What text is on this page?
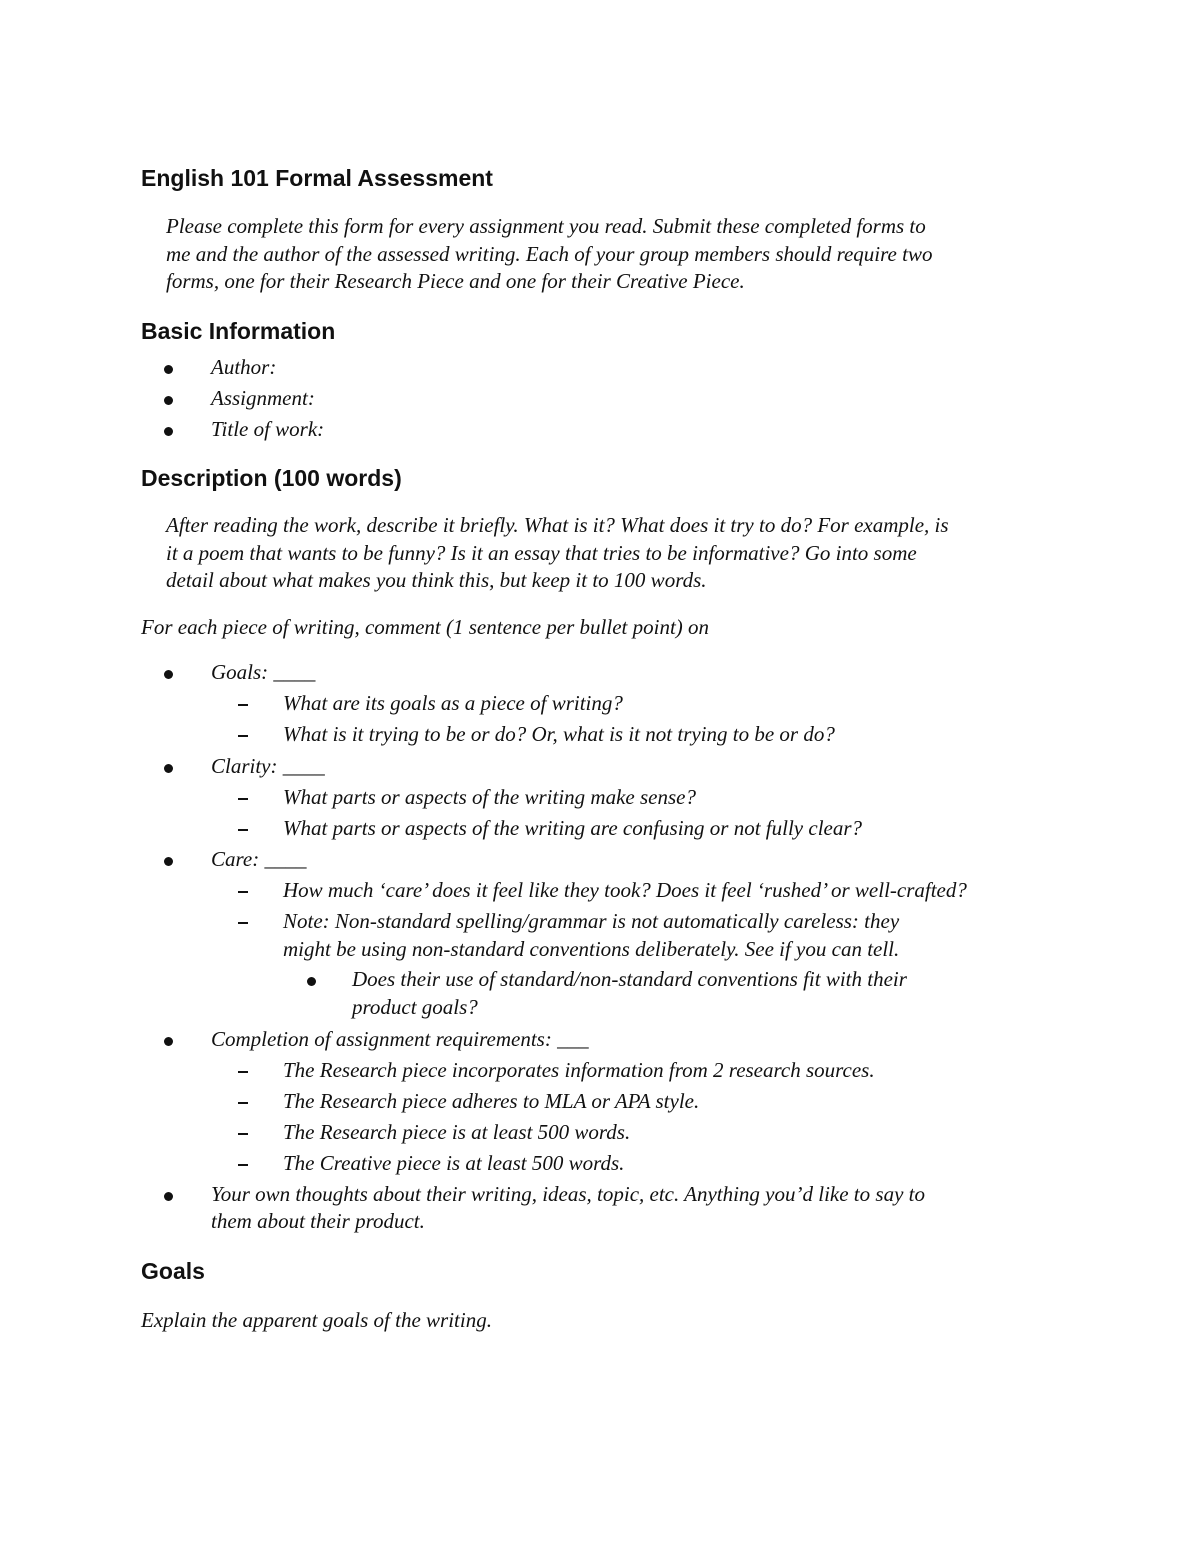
English 101 Formal Assessment

Please complete this form for every assignment you read. Submit these completed forms to

me and the author of the assessed writing. Each of your group members should require two

forms, one for their Research Piece and one for their Creative Piece.

Basic Information

Author:

Assignment:

Title of work:

Description (100 words)

After reading the work, describe it briefly. What is it? What does it try to do? For example, is

it a poem that wants to be funny? Is it an essay that tries to be informative? Go into some

detail about what makes you think this, but keep it to 100 words.

For each piece of writing, comment (1 sentence per bullet point) on

Goals: ____

What are its goals as a piece of writing?

What is it trying to be or do? Or, what is it not trying to be or do?

Clarity: ____

What parts or aspects of the writing make sense?

What parts or aspects of the writing are confusing or not fully clear?

Care: ____

How much ‘care’ does it feel like they took? Does it feel ‘rushed’ or well-crafted?

Note: Non-standard spelling/grammar is not automatically careless: they

might be using non-standard conventions deliberately. See if you can tell.

Does their use of standard/non-standard conventions fit with their

product goals?

Completion of assignment requirements: ___

The Research piece incorporates information from 2 research sources.

The Research piece adheres to MLA or APA style.

The Research piece is at least 500 words.

The Creative piece is at least 500 words.

Your own thoughts about their writing, ideas, topic, etc. Anything you’d like to say to

them about their product.

Goals

Explain the apparent goals of the writing.
